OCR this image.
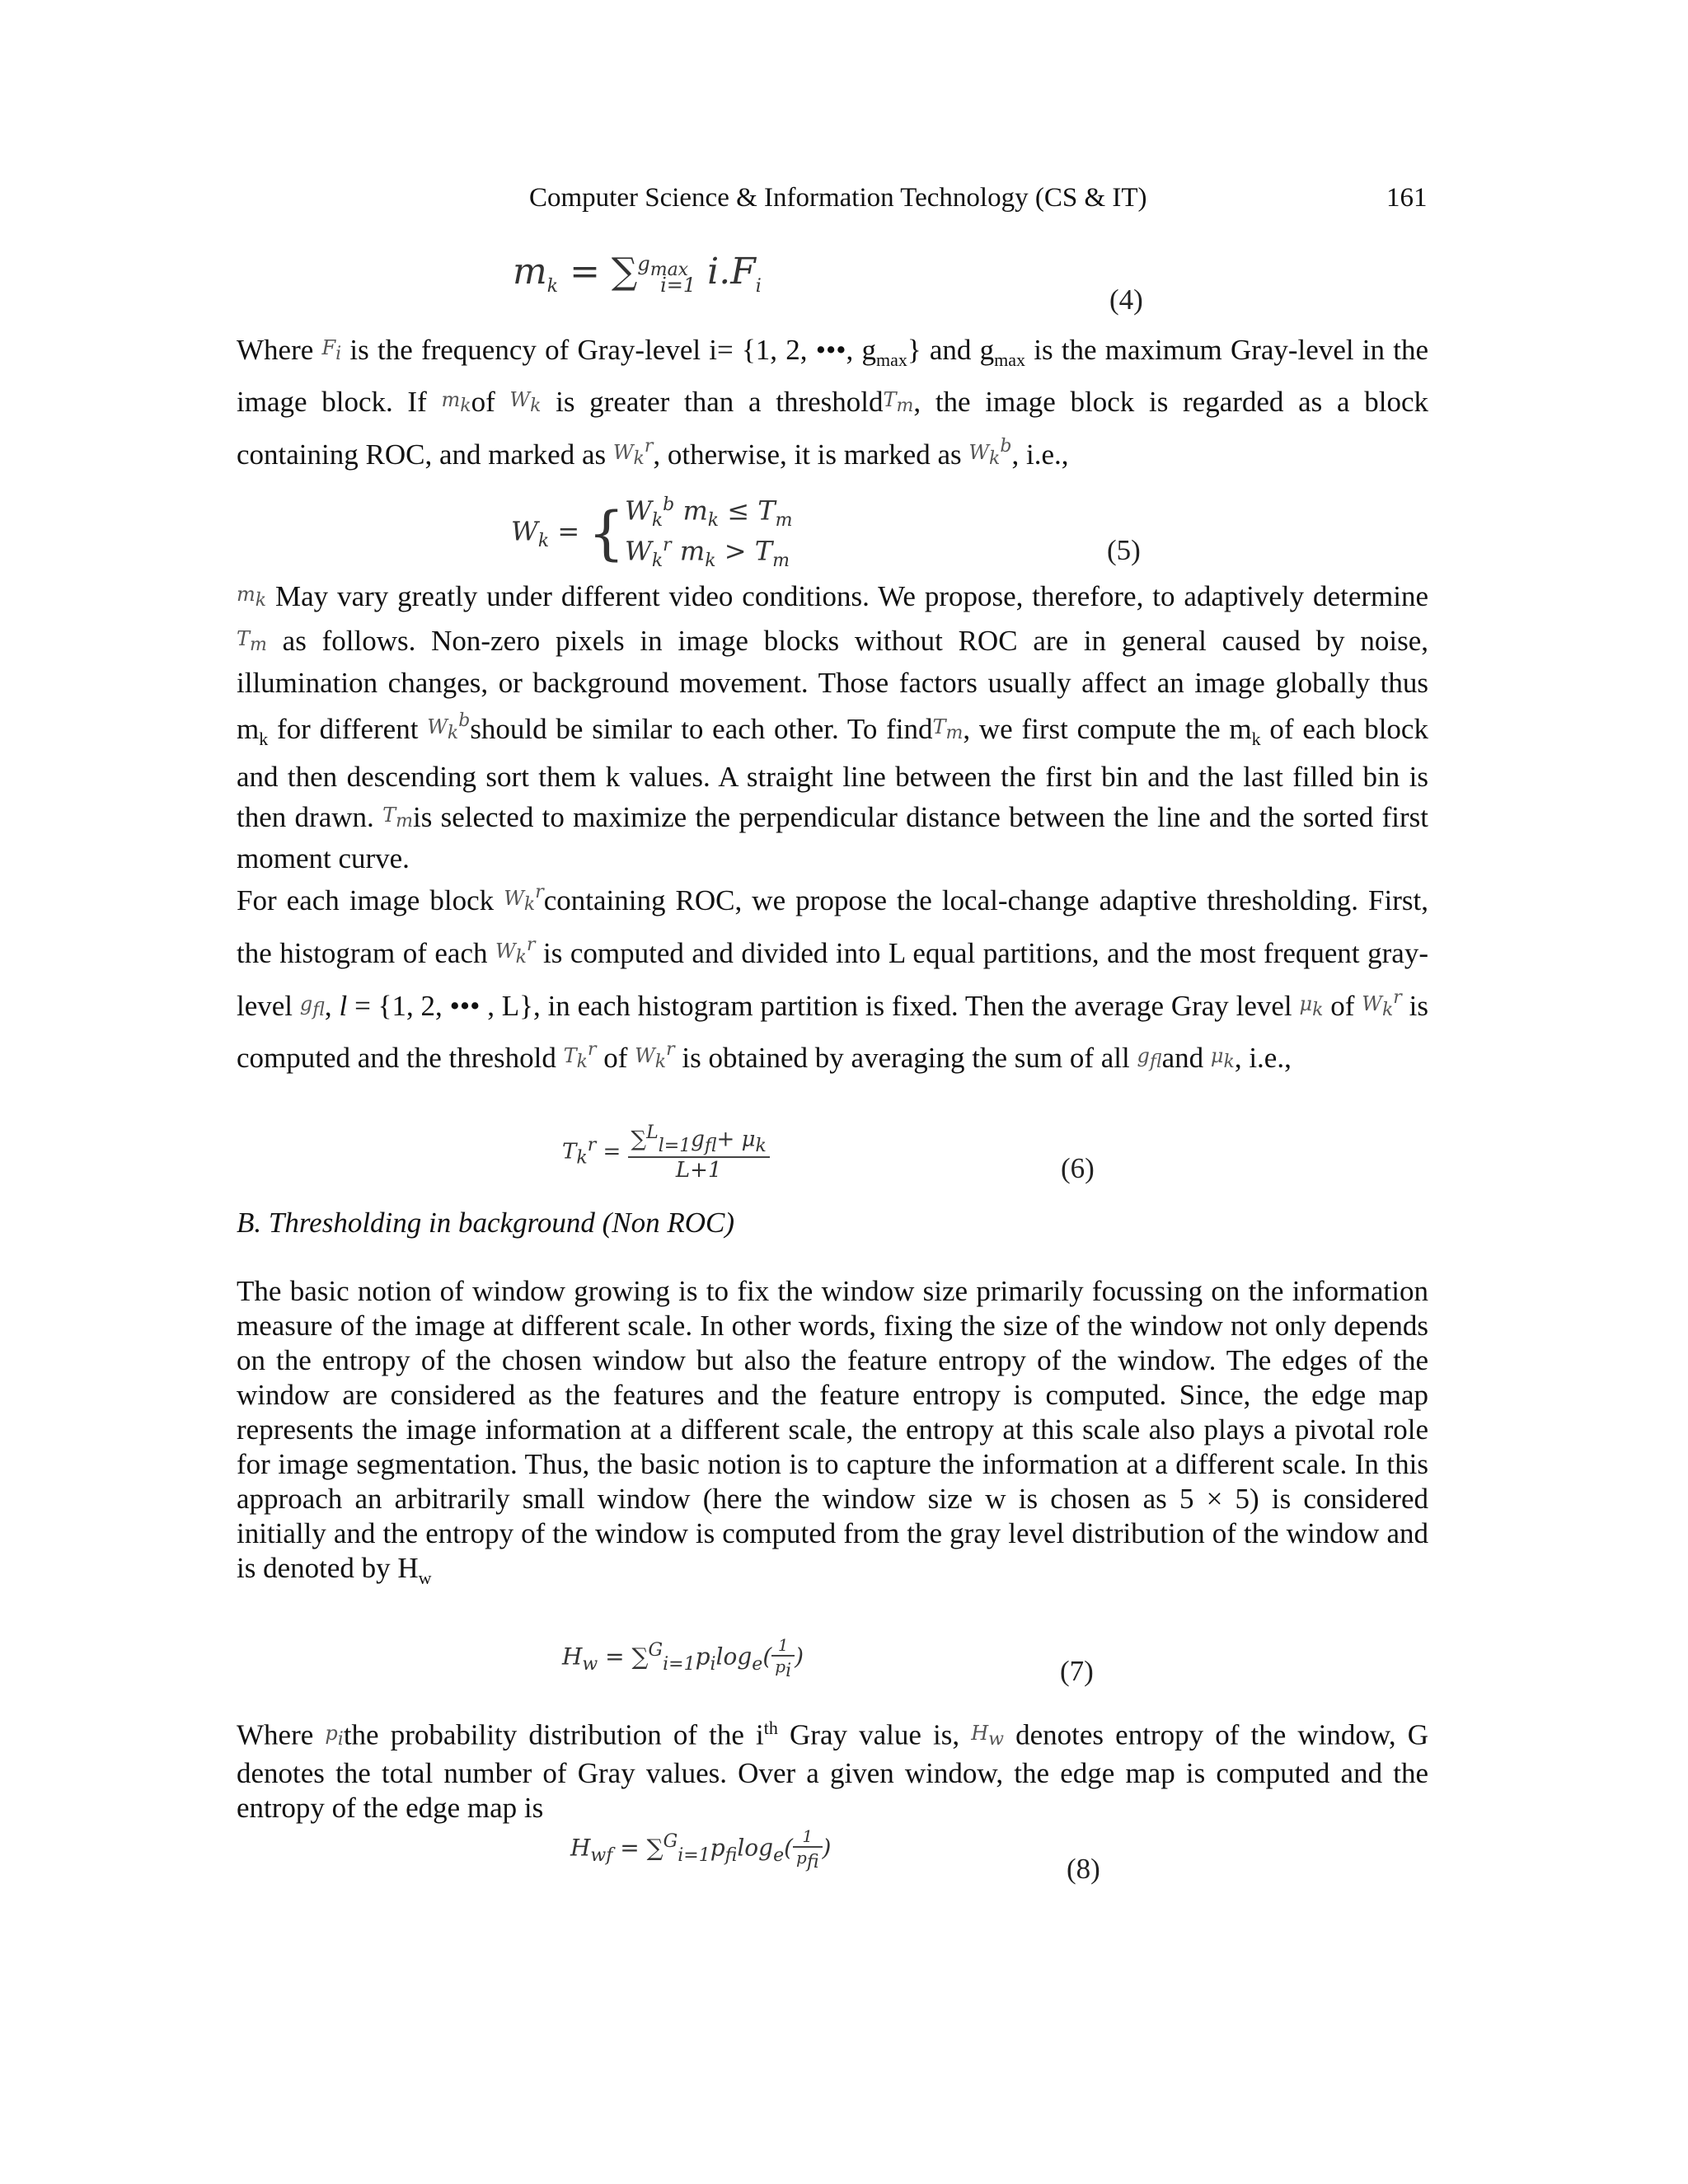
Computer Science & Information Technology (CS & IT)	161
$m_k = \sum^{g_{max}}_{i=1}$ $i.F_i$	(4)

Where $F_i$ is the frequency of Gray-level i= {1, 2, •••, $g_{max}$} and $g_{max}$ is the maximum Gray-level in the image block. If $m_kof$ $W_k$ is greater than a thresholdT$_m$, the image block is regarded as a block containing ROC, and marked as $W_k^r$, otherwise, it is marked as $W_k^b$, i.e.,

$W_k = \{W_k^b$ $m_k \le T_m$
$W_k^r$ $m_k > T_m$	(5)

$m_k$ May vary greatly under different video conditions. We propose, therefore, to adaptively determine $T_m$ as follows. Non-zero pixels in image blocks without ROC are in general caused by noise, illumination changes, or background movement. Those factors usually affect an image globally thus $m_k$ for different $W_k^bshould$ be similar to each other. To findT$_m$, we first compute the $m_k$ of each block and then descending sort them k values. A straight line between the first bin and the last filled bin is then drawn. $T_mis$ selected to maximize the perpendicular distance between the line and the sorted first moment curve.

For each image block $W_k^rcontaining$ ROC, we propose the local-change adaptive thresholding. First, the histogram of each $W_k^r$ is computed and divided into L equal partitions, and the most frequent gray-level $g_{fl}$, l = {1, 2, ••• , L}, in each histogram partition is fixed. Then the average Gray level $\mu_k$ of $W_k^r$ is computed and the threshold $T_k^r$ of $W_k^r$ is obtained by averaging the sum of all $g_{fl}and$ $\mu_k$, i.e.,

$T_k^r = \frac{\sum^L_{l=1}g_{fl}+ \mu_k}{L+1}$	(6)

B. Thresholding in background (Non ROC)

The basic notion of window growing is to fix the window size primarily focussing on the information measure of the image at different scale. In other words, fixing the size of the window not only depends on the entropy of the chosen window but also the feature entropy of the window. The edges of the window are considered as the features and the feature entropy is computed. Since, the edge map represents the image information at a different scale, the entropy at this scale also plays a pivotal role for image segmentation. Thus, the basic notion is to capture the information at a different scale. In this approach an arbitrarily small window (here the window size w is chosen as 5 × 5) is considered initially and the entropy of the window is computed from the gray level distribution of the window and is denoted by $H_w$

$H_w = \sum^G_{i=1}p_i\log_e( \frac{1}{p_i}$ )	(7)

Where $p_ithe$ probability distribution of the $i^{th}$ Gray value is, $H_w$ denotes entropy of the window, G denotes the total number of Gray values. Over a given window, the edge map is computed and the entropy of the edge map is

$H_{wf} = \sum^G_{i=1}p_{fi}\log_e( \frac{1}{p_{fi}}$ )
(8)
